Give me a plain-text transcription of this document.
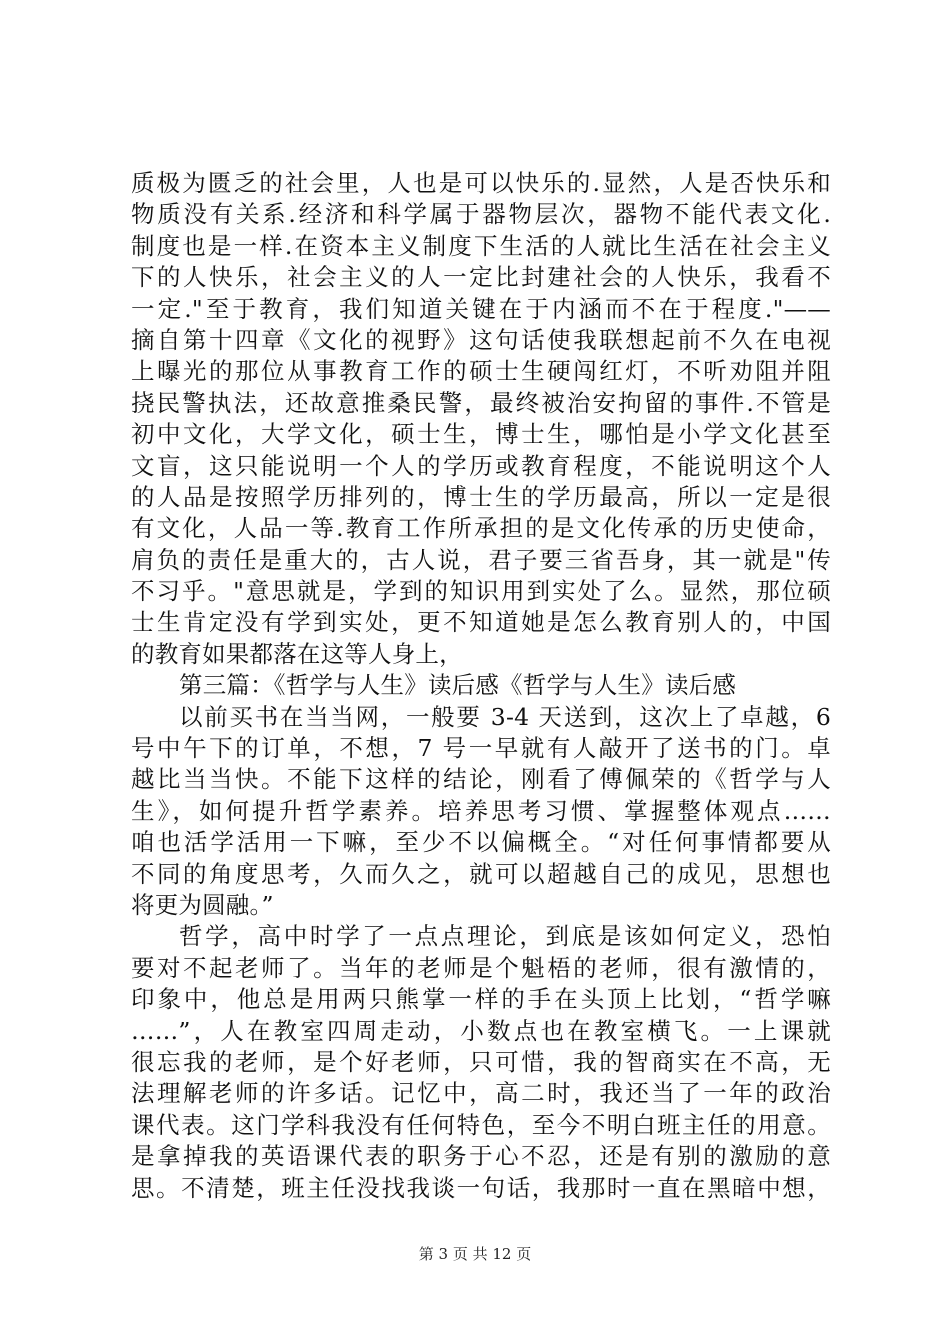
质极为匮乏的社会里，人也是可以快乐的.显然，人是否快乐和
物质没有关系.经济和科学属于器物层次，器物不能代表文化.
制度也是一样.在资本主义制度下生活的人就比生活在社会主义
下的人快乐，社会主义的人一定比封建社会的人快乐，我看不
一定."至于教育，我们知道关键在于内涵而不在于程度."——
摘自第十四章《文化的视野》这句话使我联想起前不久在电视
上曝光的那位从事教育工作的硕士生硬闯红灯，不听劝阻并阻
挠民警执法，还故意推桑民警，最终被治安拘留的事件.不管是
初中文化，大学文化，硕士生，博士生，哪怕是小学文化甚至
文盲，这只能说明一个人的学历或教育程度，不能说明这个人
的人品是按照学历排列的，博士生的学历最高，所以一定是很
有文化，人品一等.教育工作所承担的是文化传承的历史使命，
肩负的责任是重大的，古人说，君子要三省吾身，其一就是"传
不习乎。"意思就是，学到的知识用到实处了么。显然，那位硕
士生肯定没有学到实处，更不知道她是怎么教育别人的，中国
的教育如果都落在这等人身上，
第三篇：《哲学与人生》读后感《哲学与人生》读后感
以前买书在当当网，一般要 3-4 天送到，这次上了卓越，6
号中午下的订单，不想，7 号一早就有人敲开了送书的门。卓
越比当当快。不能下这样的结论，刚看了傅佩荣的《哲学与人
生》，如何提升哲学素养。培养思考习惯、掌握整体观点……
咱也活学活用一下嘛，至少不以偏概全。“对任何事情都要从
不同的角度思考，久而久之，就可以超越自己的成见，思想也
将更为圆融。”
哲学，高中时学了一点点理论，到底是该如何定义，恐怕
要对不起老师了。当年的老师是个魁梧的老师，很有激情的，
印象中，他总是用两只熊掌一样的手在头顶上比划，“哲学嘛
……”，人在教室四周走动，小数点也在教室横飞。一上课就
很忘我的老师，是个好老师，只可惜，我的智商实在不高，无
法理解老师的许多话。记忆中，高二时，我还当了一年的政治
课代表。这门学科我没有任何特色，至今不明白班主任的用意。
是拿掉我的英语课代表的职务于心不忍，还是有别的激励的意
思。不清楚，班主任没找我谈一句话，我那时一直在黑暗中想，
第 3 页 共 12 页
